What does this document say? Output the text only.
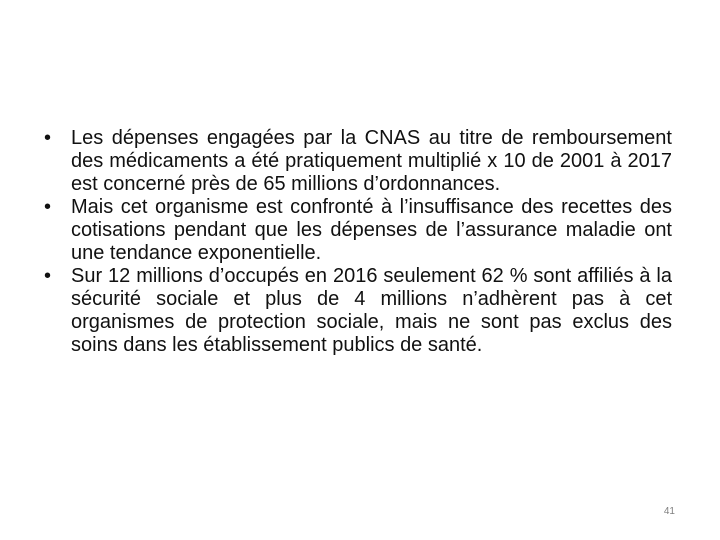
• Les dépenses engagées par la CNAS au titre de remboursement des médicaments a été pratiquement multiplié x 10 de 2001 à 2017 est concerné près de 65 millions d’ordonnances.
• Mais cet organisme est confronté à l’insuffisance des recettes des cotisations pendant que les dépenses de l’assurance maladie ont une tendance exponentielle.
• Sur 12 millions d’occupés en 2016 seulement 62 % sont affiliés à la sécurité sociale et plus de 4 millions n’adhèrent pas à cet organismes de protection sociale, mais ne sont pas exclus des soins dans les établissement publics de santé.
41
